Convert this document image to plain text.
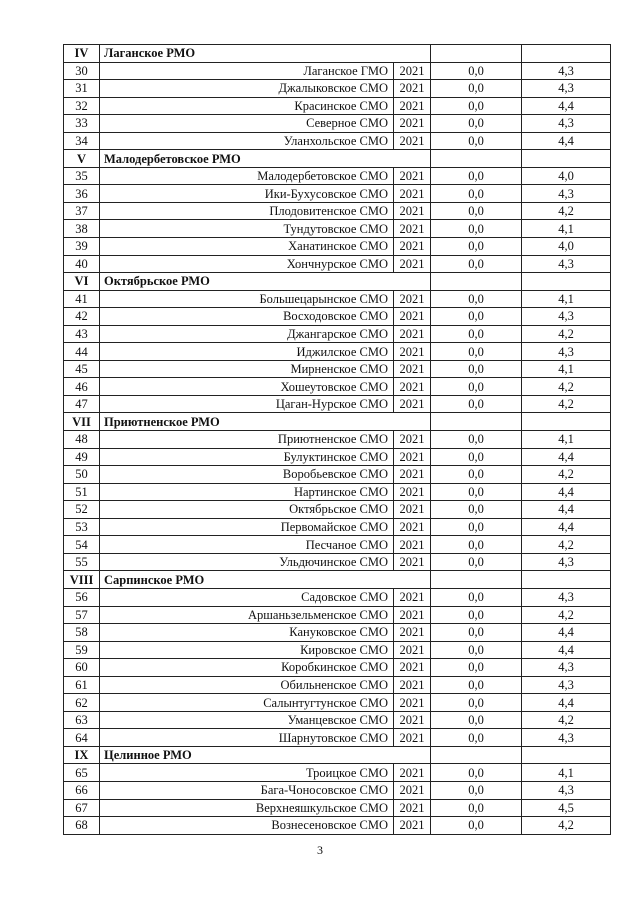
IV	Лаганское РМО			
30	Лаганское ГМО	2021	0,0	4,3
31	Джалыковское СМО	2021	0,0	4,3
32	Красинское СМО	2021	0,0	4,4
33	Северное СМО	2021	0,0	4,3
34	Уланхольское СМО	2021	0,0	4,4
V	Малодербетовское РМО			
35	Малодербетовское СМО	2021	0,0	4,0
36	Ики-Бухусовское СМО	2021	0,0	4,3
37	Плодовитенское СМО	2021	0,0	4,2
38	Тундутовское СМО	2021	0,0	4,1
39	Ханатинское СМО	2021	0,0	4,0
40	Хончнурское СМО	2021	0,0	4,3
VI	Октябрьское РМО			
41	Большецарынское СМО	2021	0,0	4,1
42	Восходовское СМО	2021	0,0	4,3
43	Джангарское СМО	2021	0,0	4,2
44	Иджилское СМО	2021	0,0	4,3
45	Мирненское СМО	2021	0,0	4,1
46	Хошеутовское СМО	2021	0,0	4,2
47	Цаган-Нурское СМО	2021	0,0	4,2
VII	Приютненское РМО			
48	Приютненское СМО	2021	0,0	4,1
49	Булуктинское СМО	2021	0,0	4,4
50	Воробьевское СМО	2021	0,0	4,2
51	Нартинское СМО	2021	0,0	4,4
52	Октябрьское СМО	2021	0,0	4,4
53	Первомайское СМО	2021	0,0	4,4
54	Песчаное СМО	2021	0,0	4,2
55	Ульдючинское СМО	2021	0,0	4,3
VIII	Сарпинское РМО			
56	Садовское СМО	2021	0,0	4,3
57	Аршаньзельменское СМО	2021	0,0	4,2
58	Кануковское СМО	2021	0,0	4,4
59	Кировское СМО	2021	0,0	4,4
60	Коробкинское СМО	2021	0,0	4,3
61	Обильненское СМО	2021	0,0	4,3
62	Салынтугтунское СМО	2021	0,0	4,4
63	Уманцевское СМО	2021	0,0	4,2
64	Шарнутовское СМО	2021	0,0	4,3
IX	Целинное РМО			
65	Троицкое СМО	2021	0,0	4,1
66	Бага-Чоносовское СМО	2021	0,0	4,3
67	Верхнеяшкульское СМО	2021	0,0	4,5
68	Вознесеновское СМО	2021	0,0	4,2
3
